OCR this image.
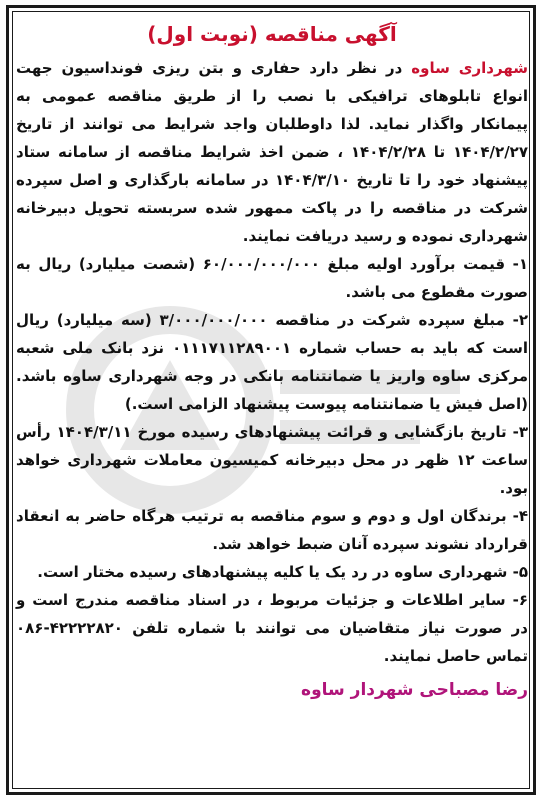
آگهی مناقصه (نوبت اول)

شهرداری ساوه در نظر دارد حفاری و بتن ریزی فونداسیون جهت انواع تابلوهای ترافیکی با نصب را از طریق مناقصه عمومی به پیمانکار واگذار نماید. لذا داوطلبان واجد شرایط می توانند از تاریخ ۱۴۰۴/۲/۲۷ تا ۱۴۰۴/۲/۲۸ ، ضمن اخذ شرایط مناقصه از سامانه ستاد پیشنهاد خود را تا تاریخ ۱۴۰۴/۳/۱۰ در سامانه بارگذاری و اصل سپرده شرکت در مناقصه را در پاکت ممهور شده سربسته تحویل دبیرخانه شهرداری نموده و رسید دریافت نمایند.

۱- قیمت برآورد اولیه مبلغ ۶۰/۰۰۰/۰۰۰/۰۰۰ (شصت میلیارد) ریال به صورت مقطوع می باشد.

۲- مبلغ سپرده شرکت در مناقصه ۳/۰۰۰/۰۰۰/۰۰۰ (سه میلیارد) ریال است که باید به حساب شماره ۰۱۱۱۷۱۱۲۸۹۰۰۱ نزد بانک ملی شعبه مرکزی ساوه واریز یا ضمانتنامه بانکی در وجه شهرداری ساوه باشد. (اصل فیش یا ضمانتنامه پیوست پیشنهاد الزامی است.)

۳- تاریخ بازگشایی و قرائت پیشنهادهای رسیده مورخ ۱۴۰۴/۳/۱۱ رأس ساعت ۱۲ ظهر در محل دبیرخانه کمیسیون معاملات شهرداری خواهد بود.

۴- برندگان اول و دوم و سوم مناقصه به ترتیب هرگاه حاضر به انعقاد قرارداد نشوند سپرده آنان ضبط خواهد شد.

۵- شهرداری ساوه در رد یک یا کلیه پیشنهادهای رسیده مختار است.

۶- سایر اطلاعات و جزئیات مربوط ، در اسناد مناقصه مندرج است و در صورت نیاز متقاضیان می توانند با شماره تلفن ۴۲۲۲۲۸۲۰-۰۸۶ تماس حاصل نمایند.

رضا مصباحی شهردار ساوه
